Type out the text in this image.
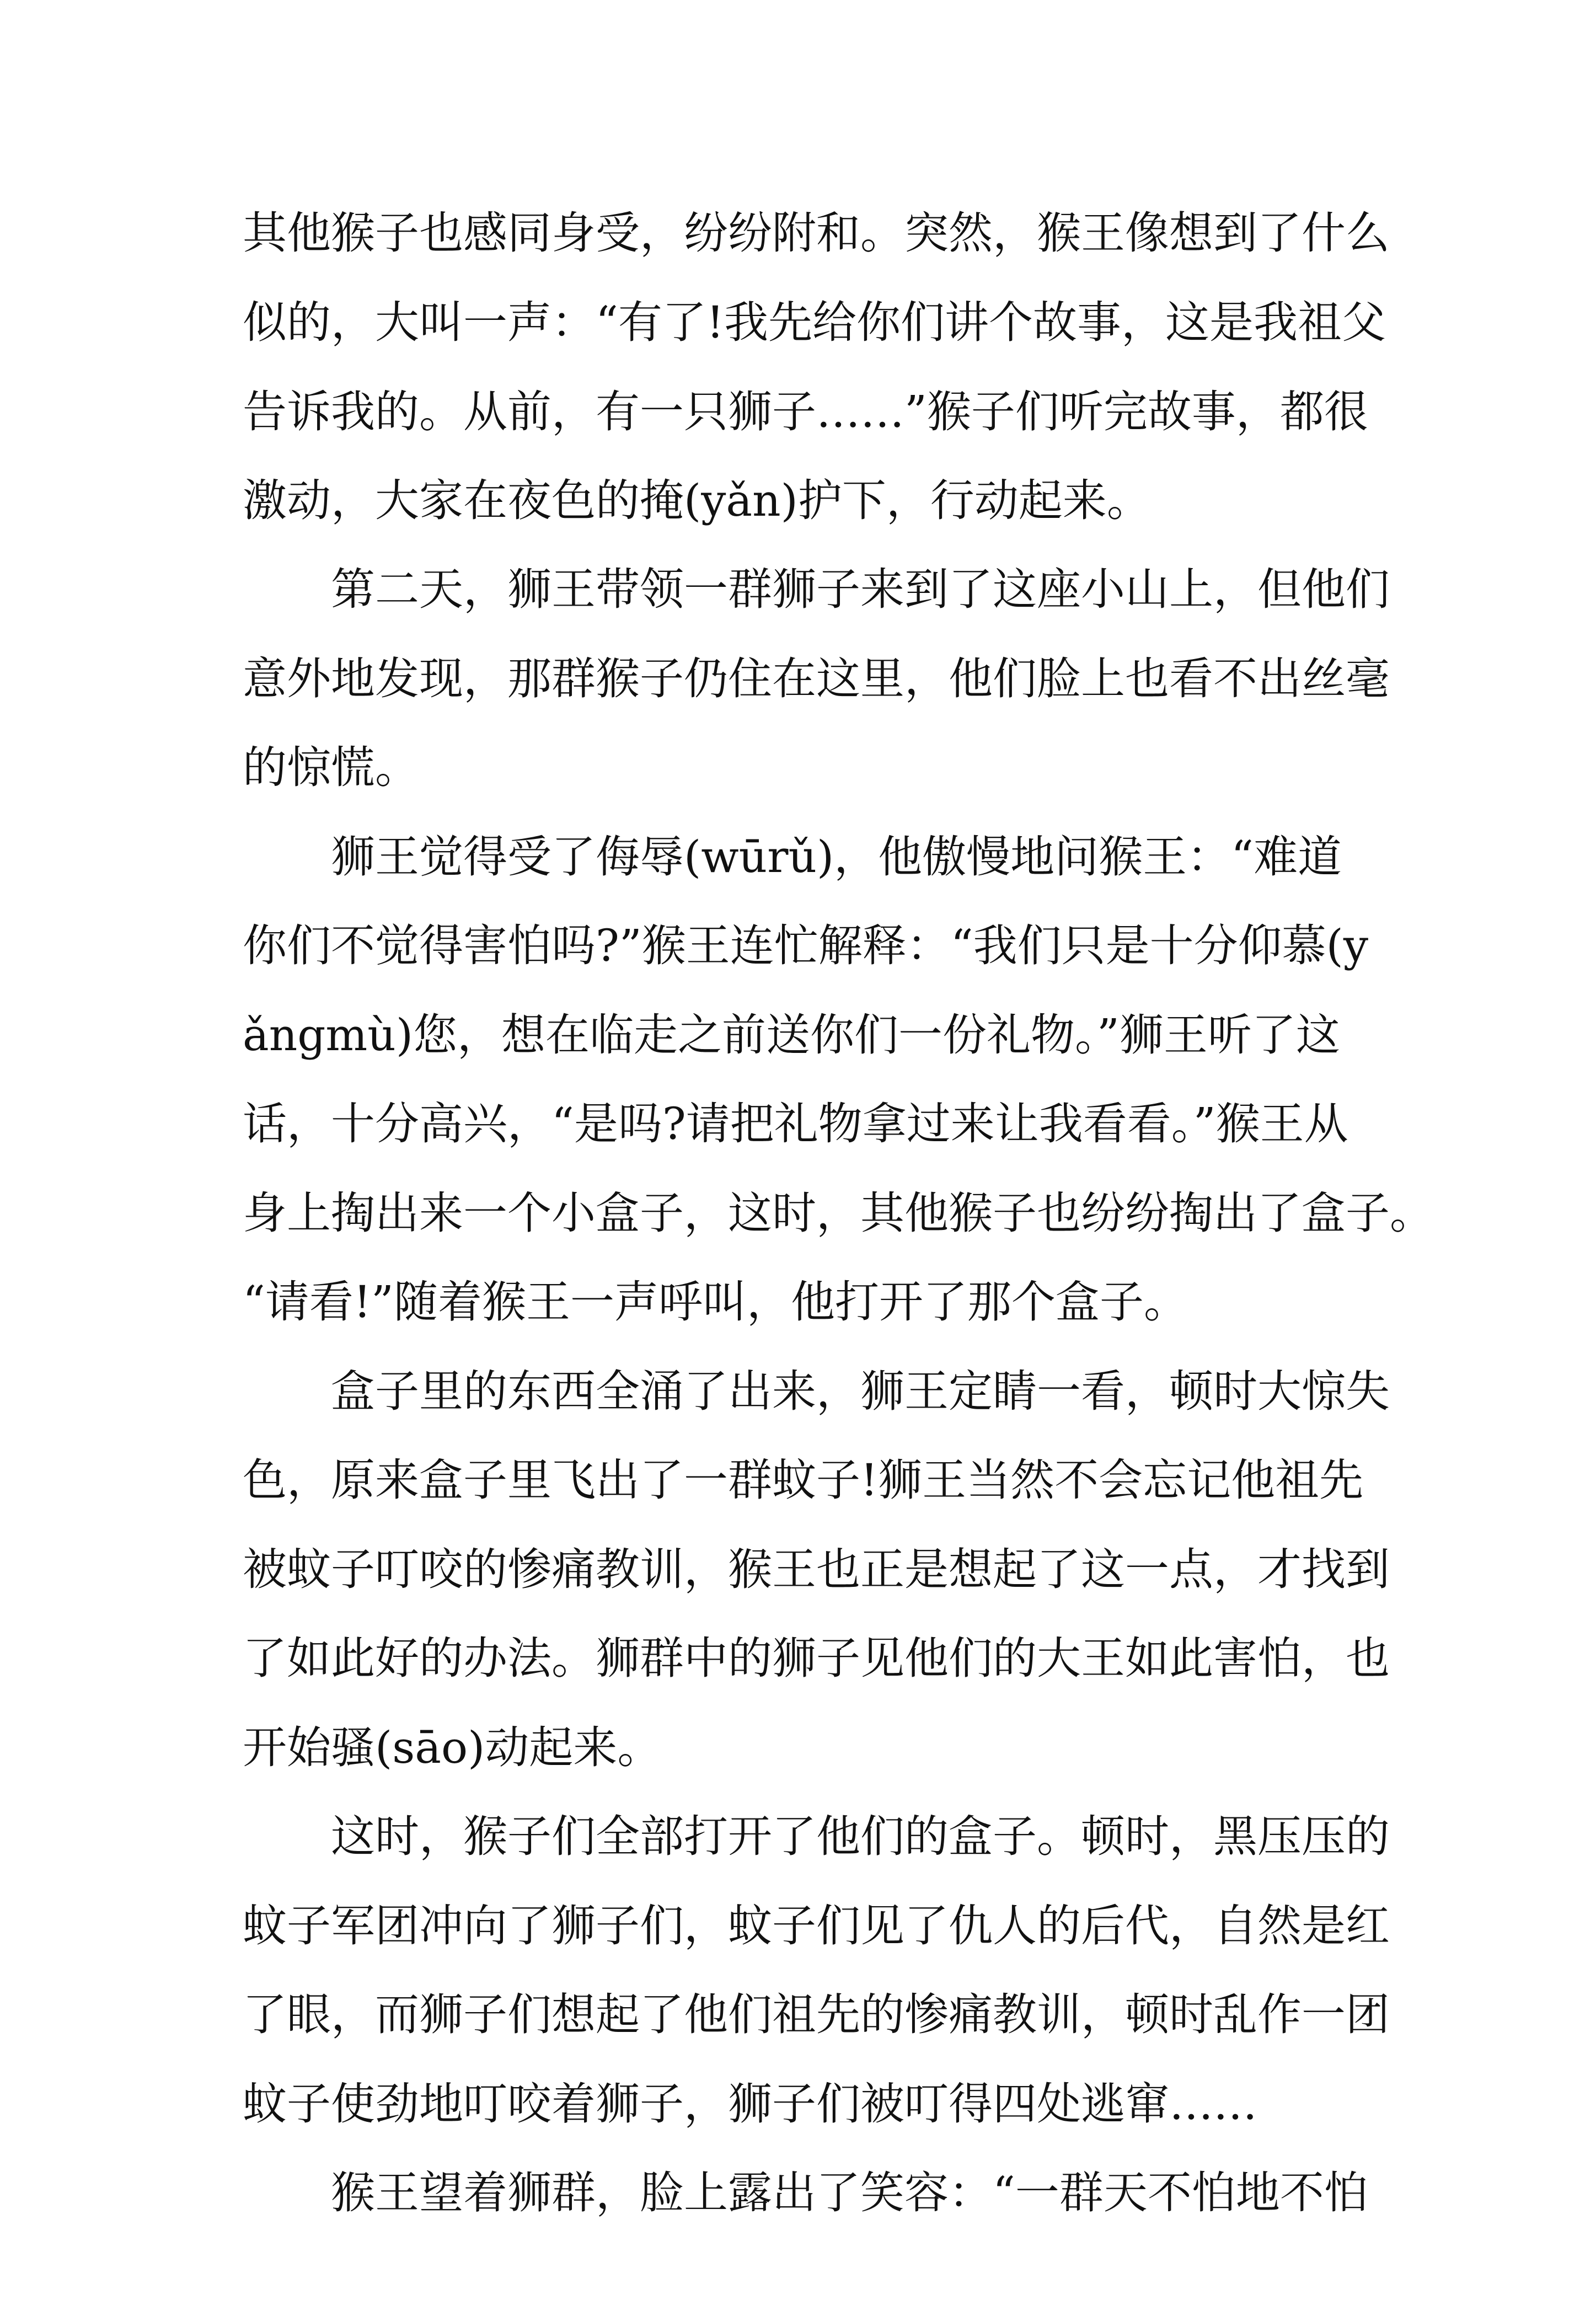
其他猴子也感同身受，纷纷附和。突然，猴王像想到了什么
似的，大叫一声：“有了!我先给你们讲个故事，这是我祖父
告诉我的。从前，有一只狮子……”猴子们听完故事，都很
激动，大家在夜色的掩(yǎn)护下，行动起来。
第二天，狮王带领一群狮子来到了这座小山上，但他们
意外地发现，那群猴子仍住在这里，他们脸上也看不出丝毫
的惊慌。
狮王觉得受了侮辱(wūrǔ)，他傲慢地问猴王：“难道
你们不觉得害怕吗?”猴王连忙解释：“我们只是十分仰慕(y
ǎngmù)您，想在临走之前送你们一份礼物。”狮王听了这
话，十分高兴，“是吗?请把礼物拿过来让我看看。”猴王从
身上掏出来一个小盒子，这时，其他猴子也纷纷掏出了盒子。
“请看!”随着猴王一声呼叫，他打开了那个盒子。
盒子里的东西全涌了出来，狮王定睛一看，顿时大惊失
色，原来盒子里飞出了一群蚊子!狮王当然不会忘记他祖先
被蚊子叮咬的惨痛教训，猴王也正是想起了这一点，才找到
了如此好的办法。狮群中的狮子见他们的大王如此害怕，也
开始骚(sāo)动起来。
这时，猴子们全部打开了他们的盒子。顿时，黑压压的
蚊子军团冲向了狮子们，蚊子们见了仇人的后代，自然是红
了眼，而狮子们想起了他们祖先的惨痛教训，顿时乱作一团
蚊子使劲地叮咬着狮子，狮子们被叮得四处逃窜……
猴王望着狮群，脸上露出了笑容：“一群天不怕地不怕
